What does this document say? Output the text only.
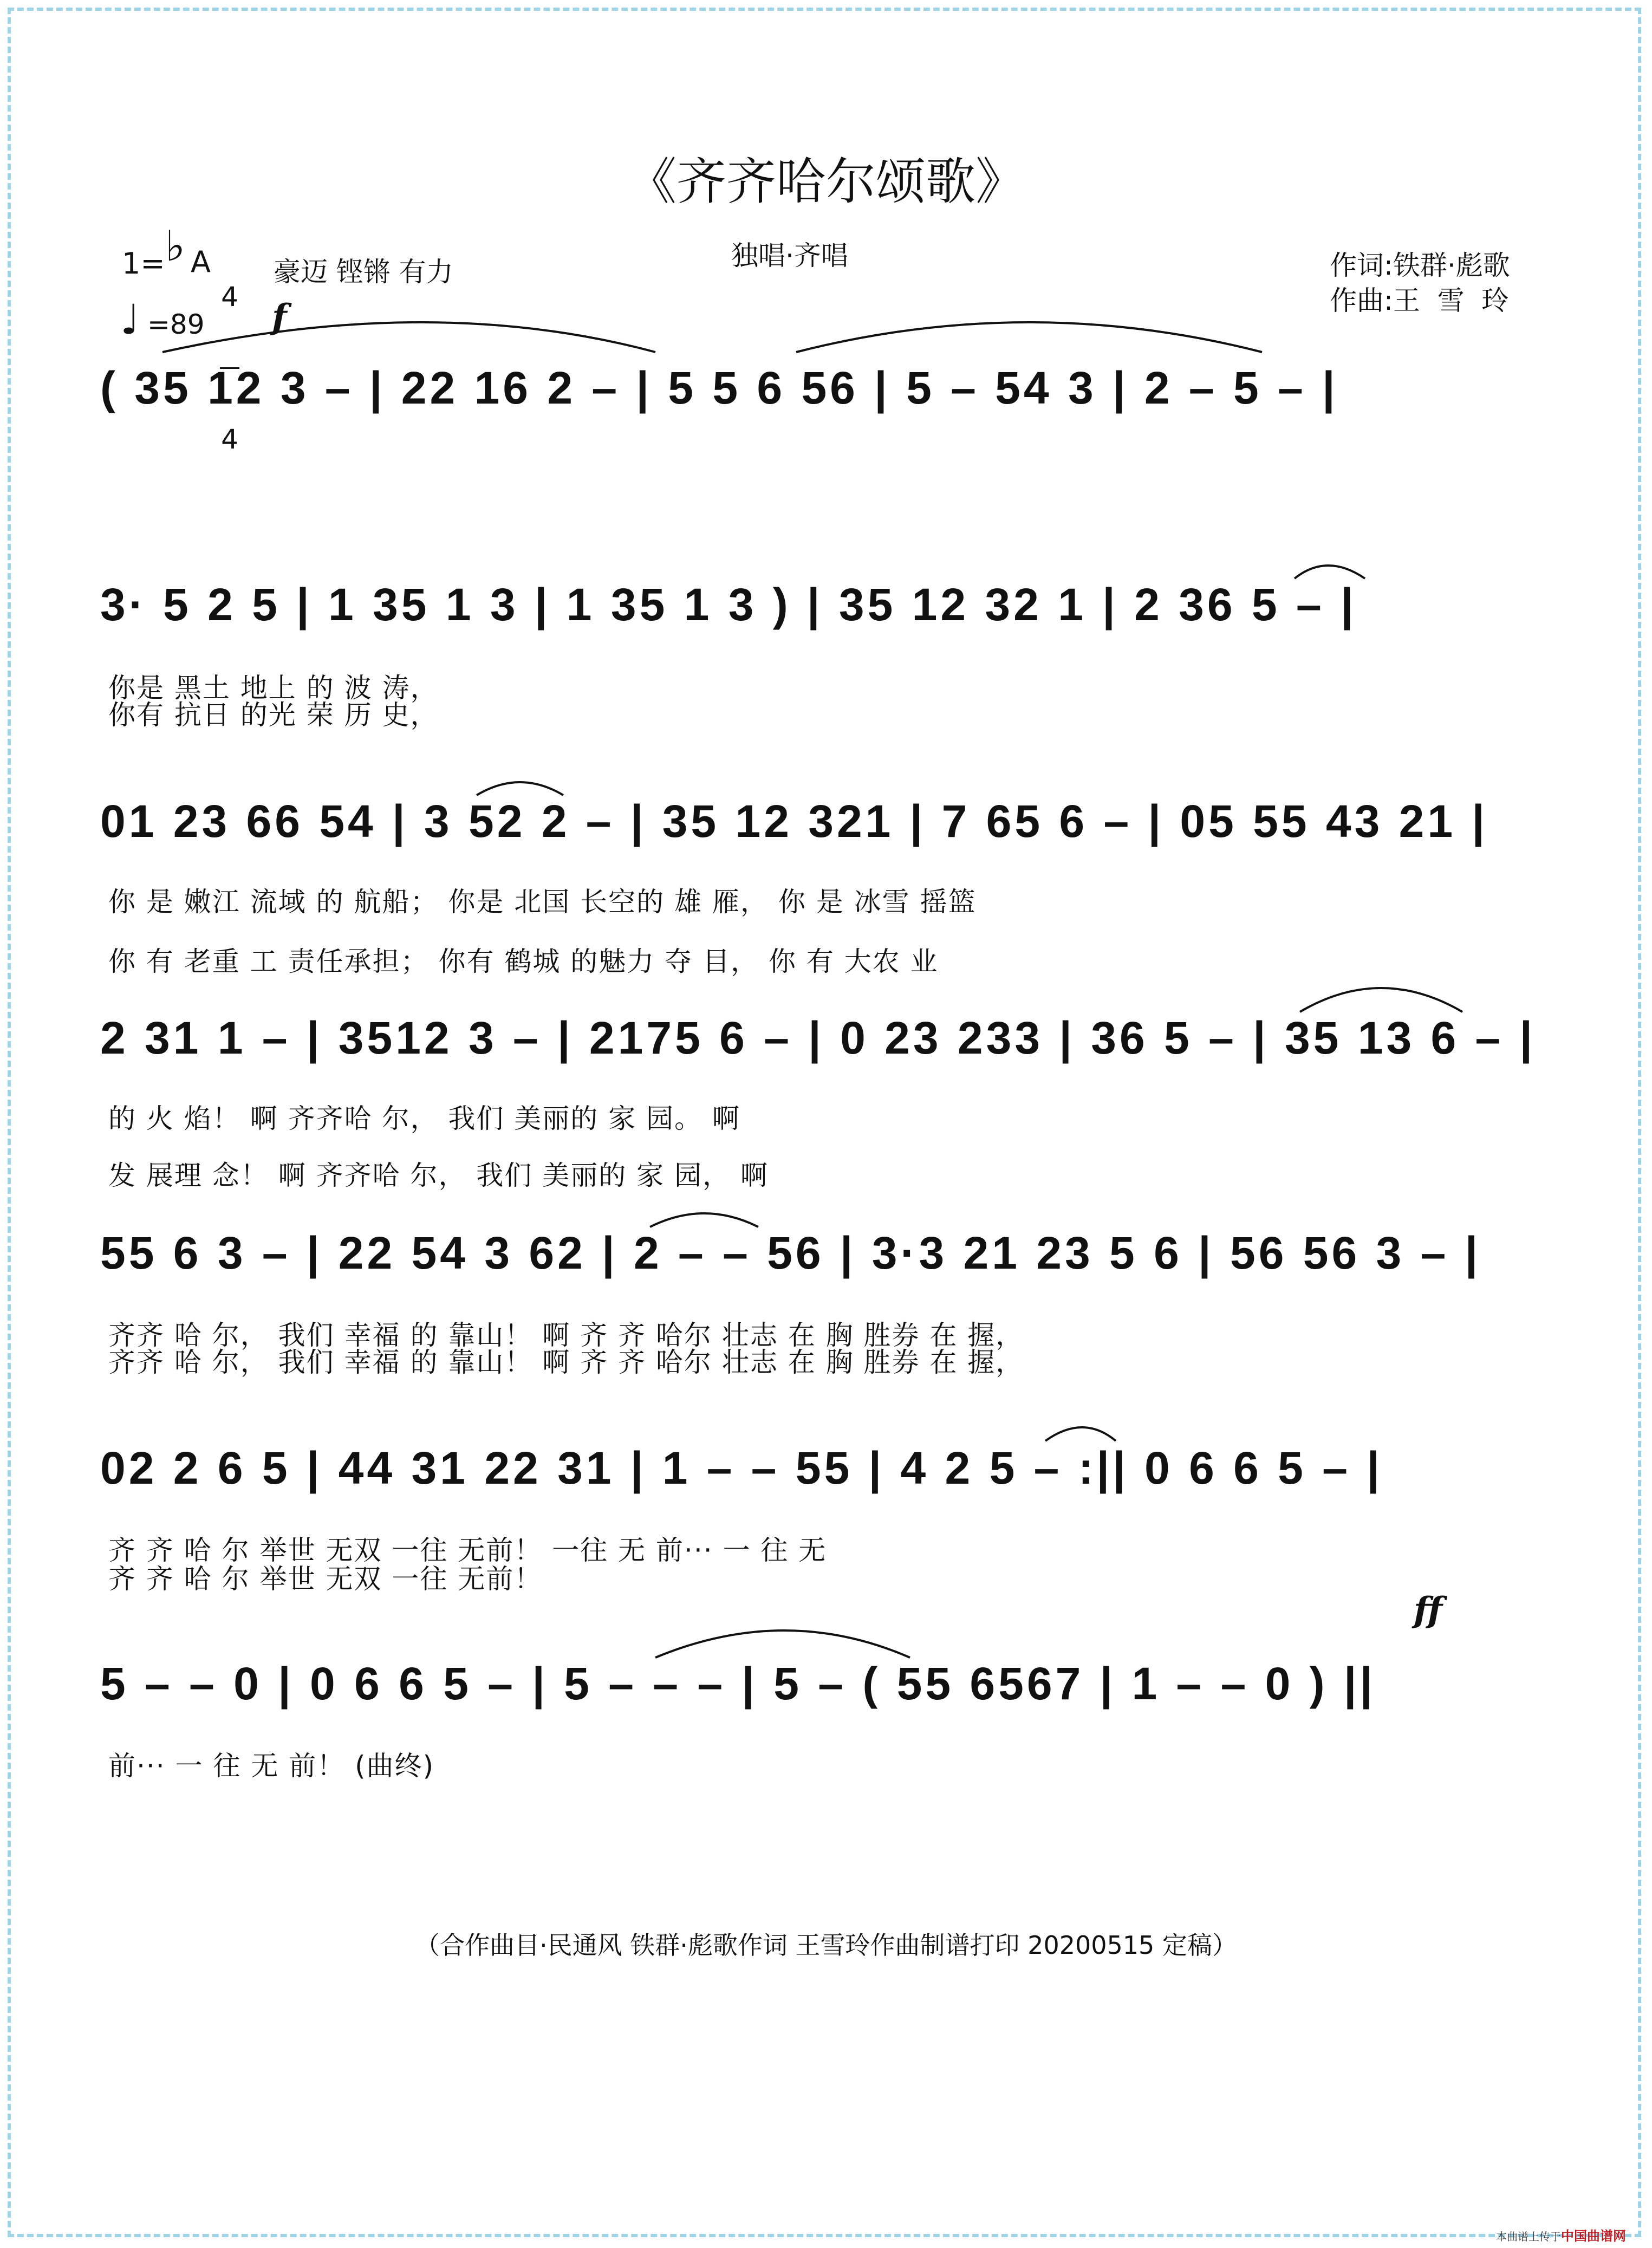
《齐齐哈尔颂歌》
1= ♭ A

4

4

豪迈 铿锵 有力
♩ =89 f
独唱·齐唱	作词:铁群·彪歌
作曲:王  雪  玲
ff
( 35 12 3 – | 22 16 2 – | 5 5 6 56 | 5 – 54 3 | 2 – 5 – |
3· 5 2 5 | 1 35 1 3 | 1 35 1 3 ) | 35 12 32 1 | 2 36 5 – |
你是 黑土 地上 的 波 涛，
你有 抗日 的光 荣 历 史，
01 23 66 54 | 3 52 2 – | 35 12 321 | 7 65 6 – | 05 55 43 21 |
你 是 嫩江 流域 的 航船； 你是 北国 长空的 雄 雁， 你 是 冰雪 摇篮
你 有 老重 工 责任承担； 你有 鹤城 的魅力 夺 目， 你 有 大农 业
2 31 1 – | 3512 3 – | 2175 6 – | 0 23 233 | 36 5 – | 35 13 6 – |
的 火 焰！ 啊 齐齐哈 尔， 我们 美丽的 家 园。 啊
发 展理 念！ 啊 齐齐哈 尔， 我们 美丽的 家 园， 啊
55 6 3 – | 22 54 3 62 | 2 – – 56 | 3·3 21 23 5 6 | 56 56 3 – |
齐齐 哈 尔， 我们 幸福 的 靠山！ 啊 齐 齐 哈尔 壮志 在 胸 胜券 在 握，
齐齐 哈 尔， 我们 幸福 的 靠山！ 啊 齐 齐 哈尔 壮志 在 胸 胜券 在 握，
02 2 6 5 | 44 31 22 31 | 1 – – 55 | 4 2 5 – :|| 0 6 6 5 – |
齐 齐 哈 尔 举世 无双 一往 无前！ 一往 无 前··· 一 往 无
齐 齐 哈 尔 举世 无双 一往 无前！
5 – – 0 | 0 6 6 5 – | 5 – – – | 5 – ( 55 6567 | 1 – – 0 ) ||
前··· 一 往 无 前！ (曲终)
（合作曲目·民通风 铁群·彪歌作词 王雪玲作曲制谱打印 20200515 定稿）
本曲谱上传于中国曲谱网
